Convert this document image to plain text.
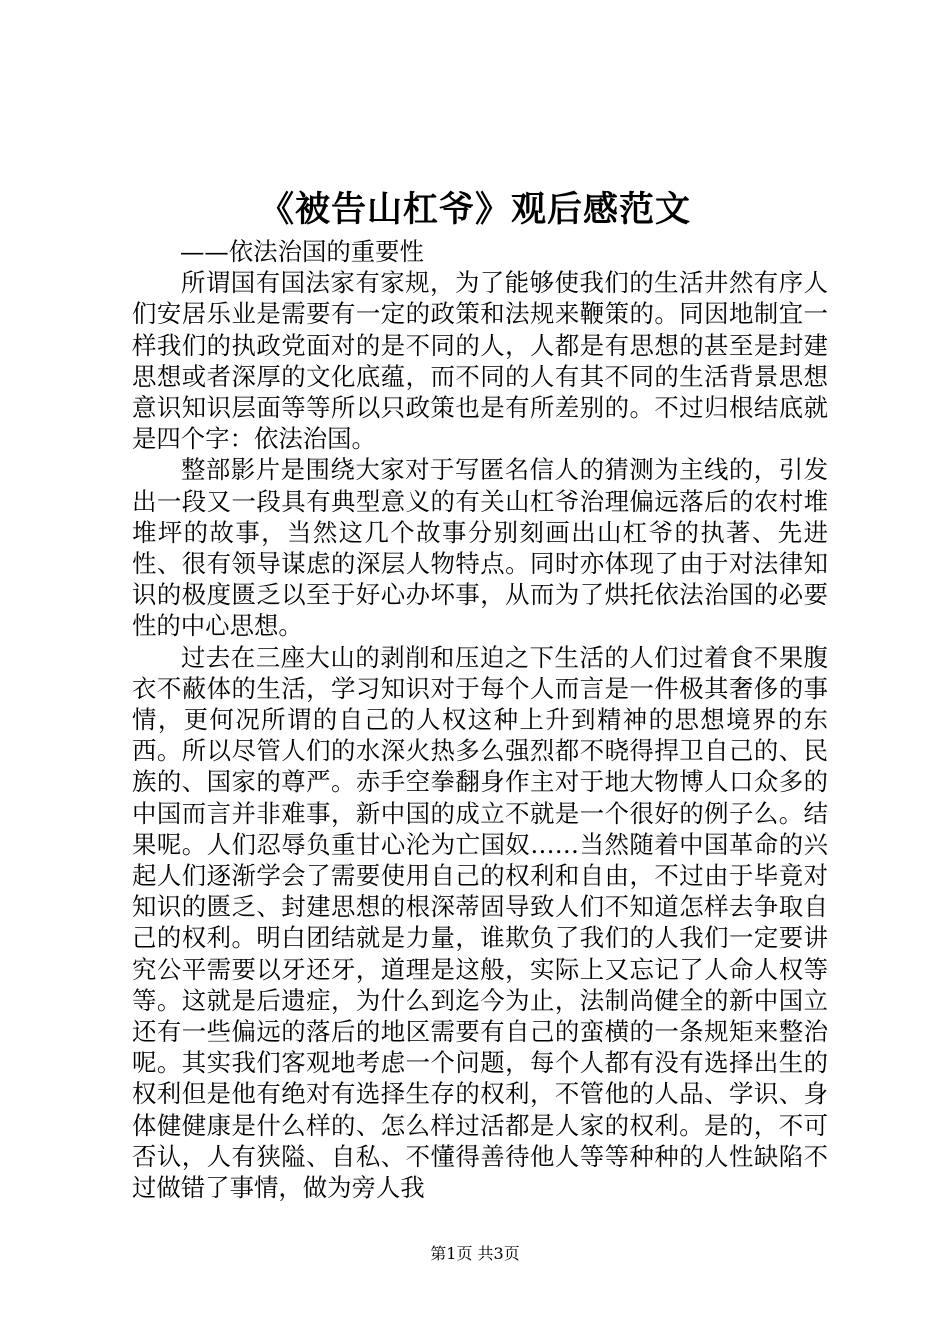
《被告山杠爷》观后感范文

——依法治国的重要性

所谓国有国法家有家规，为了能够使我们的生活井然有序人们安居乐业是需要有一定的政策和法规来鞭策的。同因地制宜一样我们的执政党面对的是不同的人，人都是有思想的甚至是封建思想或者深厚的文化底蕴，而不同的人有其不同的生活背景思想意识知识层面等等所以只政策也是有所差别的。不过归根结底就是四个字：依法治国。

整部影片是围绕大家对于写匿名信人的猜测为主线的，引发出一段又一段具有典型意义的有关山杠爷治理偏远落后的农村堆堆坪的故事，当然这几个故事分别刻画出山杠爷的执著、先进性、很有领导谋虑的深层人物特点。同时亦体现了由于对法律知识的极度匮乏以至于好心办坏事，从而为了烘托依法治国的必要性的中心思想。

过去在三座大山的剥削和压迫之下生活的人们过着食不果腹衣不蔽体的生活，学习知识对于每个人而言是一件极其奢侈的事情，更何况所谓的自己的人权这种上升到精神的思想境界的东西。所以尽管人们的水深火热多么强烈都不晓得捍卫自己的、民族的、国家的尊严。赤手空拳翻身作主对于地大物博人口众多的中国而言并非难事，新中国的成立不就是一个很好的例子么。结果呢。人们忍辱负重甘心沦为亡国奴……当然随着中国革命的兴起人们逐渐学会了需要使用自己的权利和自由，不过由于毕竟对知识的匮乏、封建思想的根深蒂固导致人们不知道怎样去争取自己的权利。明白团结就是力量，谁欺负了我们的人我们一定要讲究公平需要以牙还牙，道理是这般，实际上又忘记了人命人权等等。这就是后遗症，为什么到迄今为止，法制尚健全的新中国立还有一些偏远的落后的地区需要有自己的蛮横的一条规矩来整治呢。其实我们客观地考虑一个问题，每个人都有没有选择出生的权利但是他有绝对有选择生存的权利，不管他的人品、学识、身体健健康是什么样的、怎么样过活都是人家的权利。是的，不可否认，人有狭隘、自私、不懂得善待他人等等种种的人性缺陷不过做错了事情，做为旁人我

第1页 共3页
